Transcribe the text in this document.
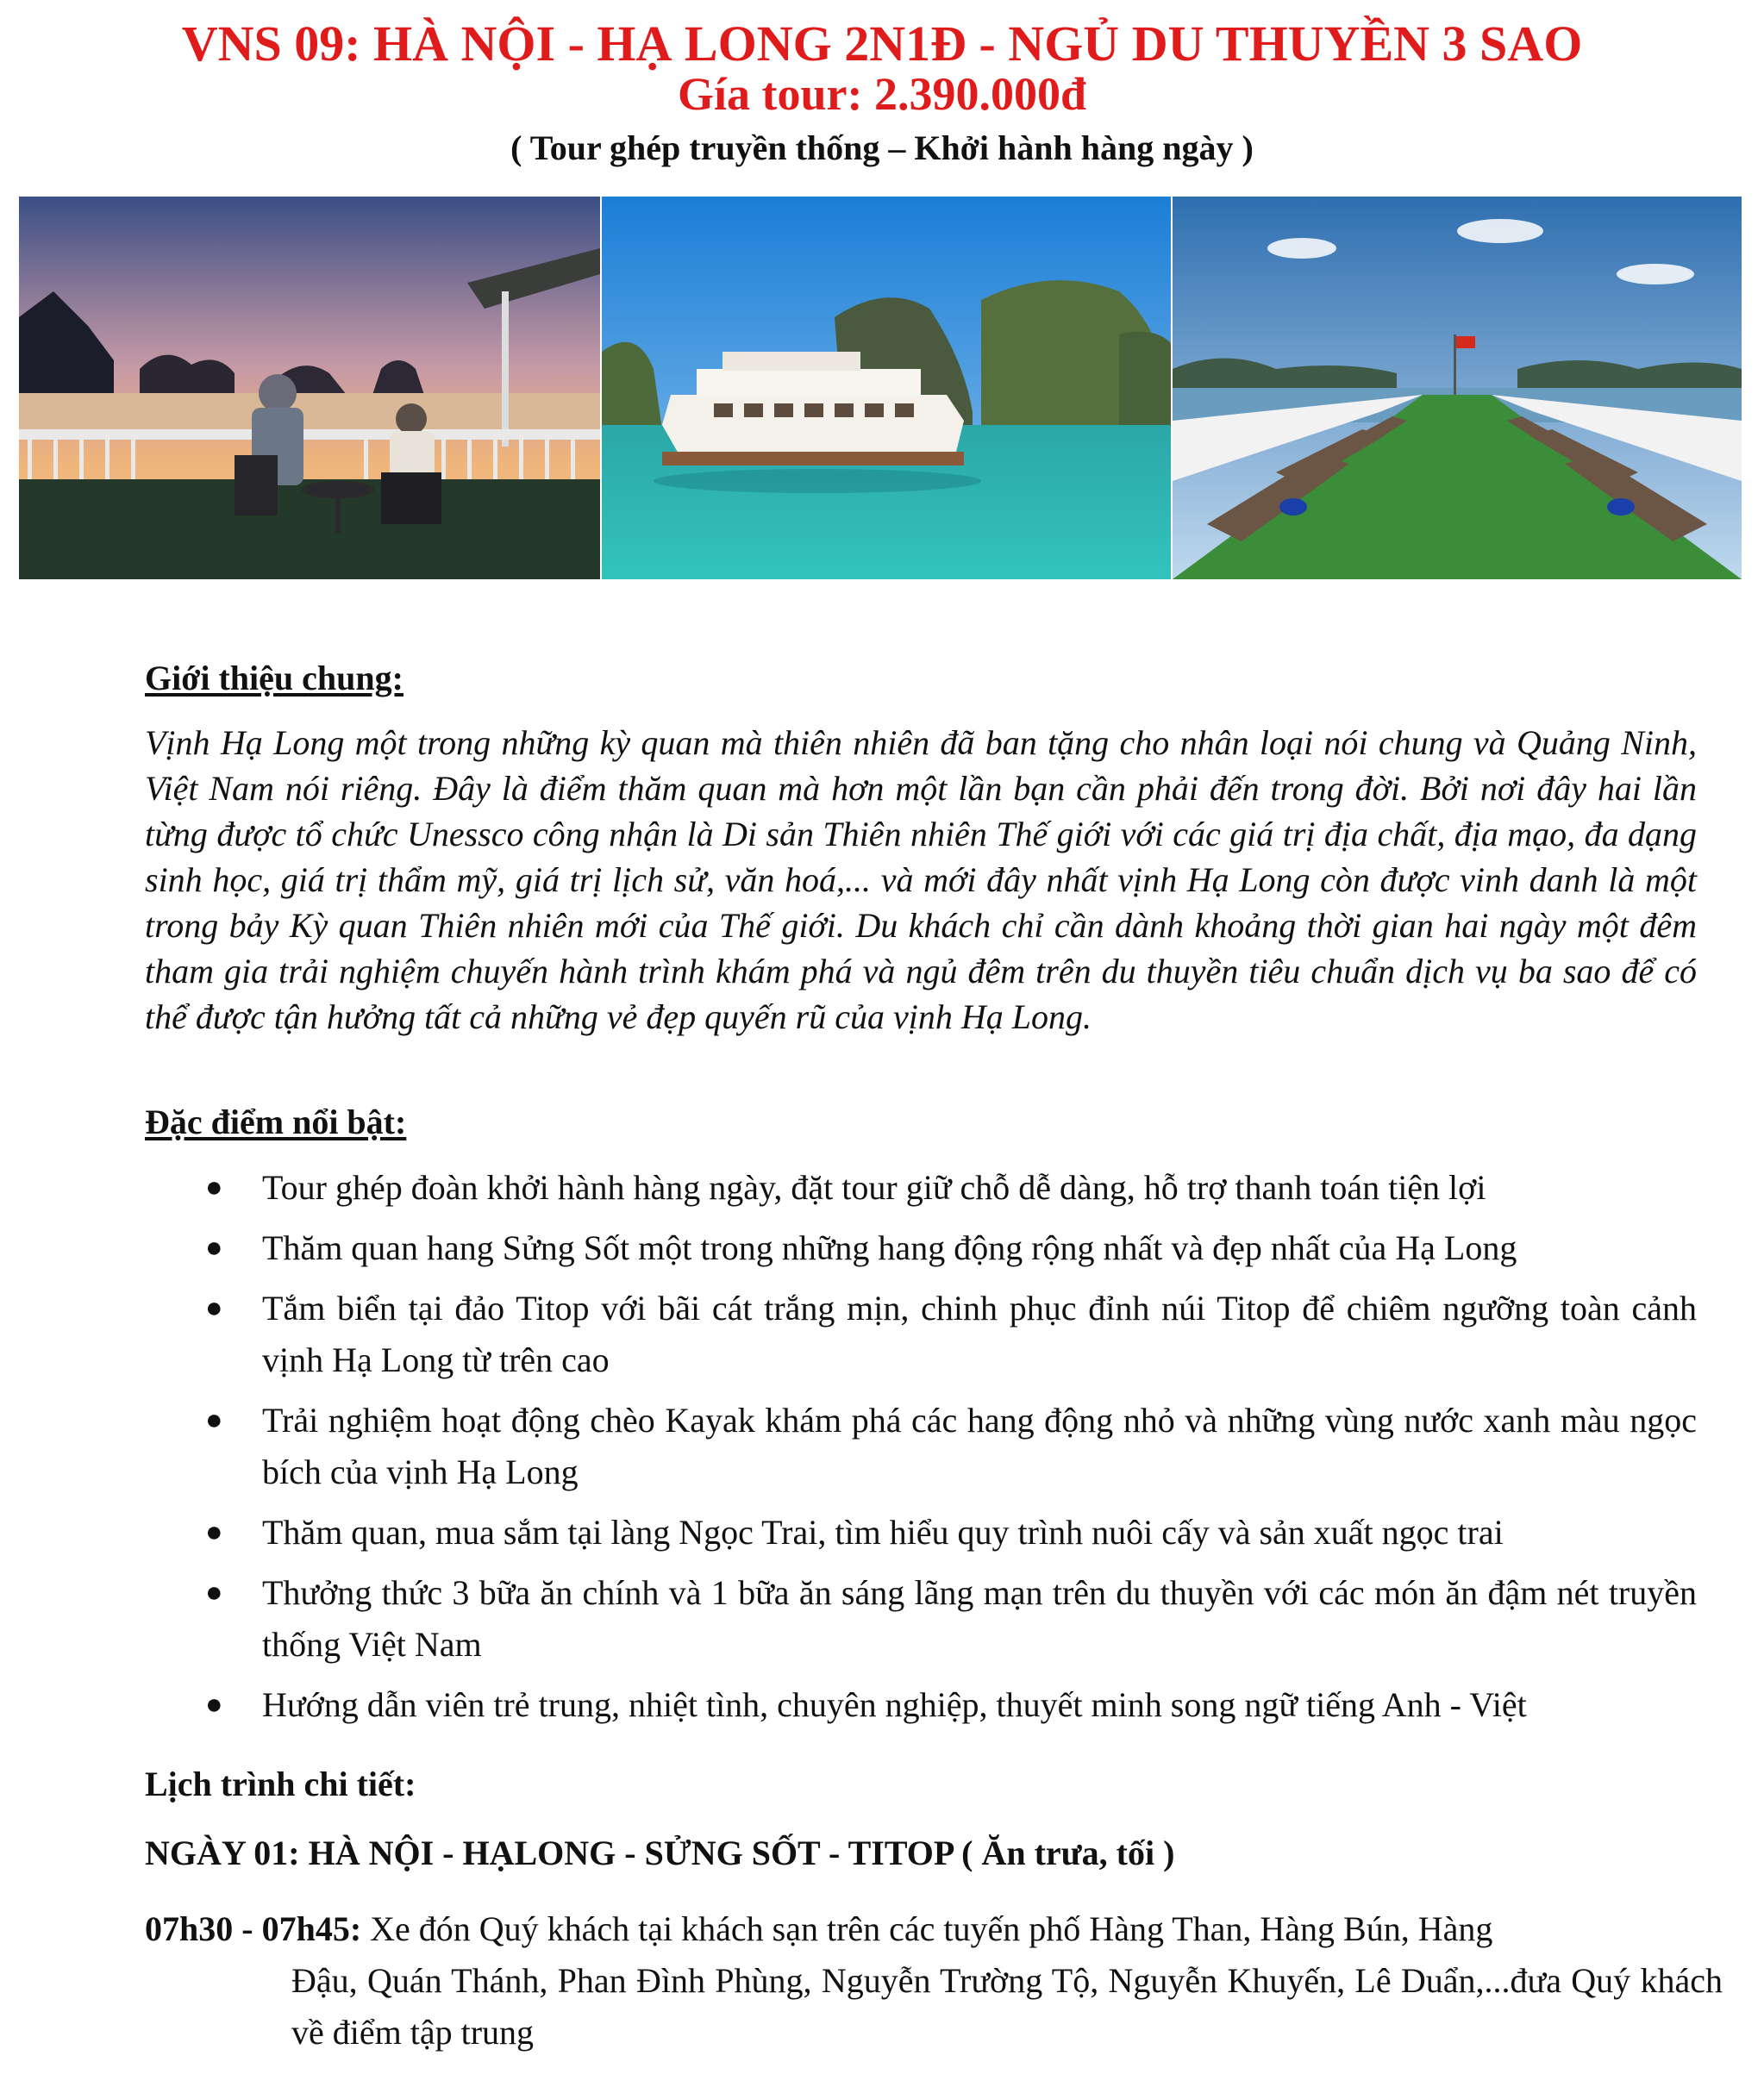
VNS 09: HÀ NỘI - HẠ LONG 2N1Đ - NGỦ DU THUYỀN 3 SAO
Gía tour: 2.390.000đ

( Tour ghép truyền thống – Khởi hành hàng ngày )

Giới thiệu chung:

Vịnh Hạ Long một trong những kỳ quan mà thiên nhiên đã ban tặng cho nhân loại nói chung và Quảng Ninh, Việt Nam nói riêng. Đây là điểm thăm quan mà hơn một lần bạn cần phải đến trong đời. Bởi nơi đây hai lần từng được tổ chức Unessco công nhận là Di sản Thiên nhiên Thế giới với các giá trị địa chất, địa mạo, đa dạng sinh học, giá trị thẩm mỹ, giá trị lịch sử, văn hoá,... và mới đây nhất vịnh Hạ Long còn được vinh danh là một trong bảy Kỳ quan Thiên nhiên mới của Thế giới. Du khách chỉ cần dành khoảng thời gian hai ngày một đêm tham gia trải nghiệm chuyến hành trình khám phá và ngủ đêm trên du thuyền tiêu chuẩn dịch vụ ba sao để có thể được tận hưởng tất cả những vẻ đẹp quyến rũ của vịnh Hạ Long.

Đặc điểm nổi bật:
● Tour ghép đoàn khởi hành hàng ngày, đặt tour giữ chỗ dễ dàng, hỗ trợ thanh toán tiện lợi
● Thăm quan hang Sửng Sốt một trong những hang động rộng nhất và đẹp nhất của Hạ Long
● Tắm biển tại đảo Titop với bãi cát trắng mịn, chinh phục đỉnh núi Titop để chiêm ngưỡng toàn cảnh vịnh Hạ Long từ trên cao
● Trải nghiệm hoạt động chèo Kayak khám phá các hang động nhỏ và những vùng nước xanh màu ngọc bích của vịnh Hạ Long
● Thăm quan, mua sắm tại làng Ngọc Trai, tìm hiểu quy trình nuôi cấy và sản xuất ngọc trai
● Thưởng thức 3 bữa ăn chính và 1 bữa ăn sáng lãng mạn trên du thuyền với các món ăn đậm nét truyền thống Việt Nam
● Hướng dẫn viên trẻ trung, nhiệt tình, chuyên nghiệp, thuyết minh song ngữ tiếng Anh - Việt
Lịch trình chi tiết:

NGÀY 01: HÀ NỘI - HẠLONG - SỬNG SỐT - TITOP ( Ăn trưa, tối )

07h30 - 07h45: Xe đón Quý khách tại khách sạn trên các tuyến phố Hàng Than, Hàng Bún, Hàng

Đậu, Quán Thánh, Phan Đình Phùng, Nguyễn Trường Tộ, Nguyễn Khuyến, Lê Duẩn,...đưa Quý khách về điểm tập trung
